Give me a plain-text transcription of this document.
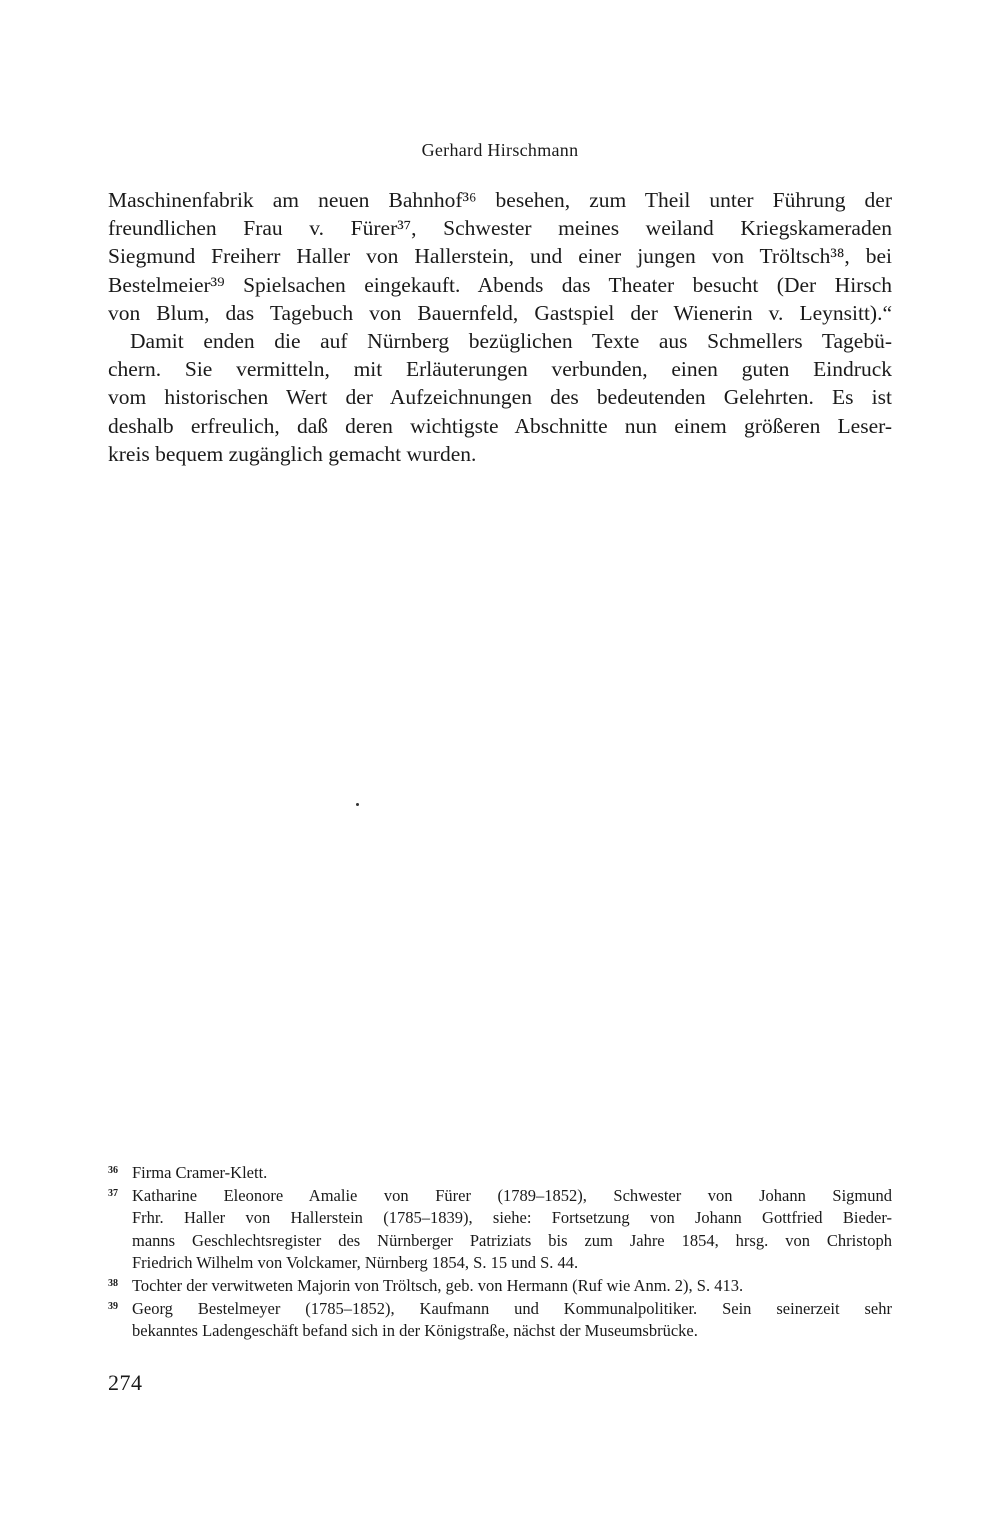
Gerhard Hirschmann
Maschinenfabrik am neuen Bahnhof³⁶ besehen, zum Theil unter Führung der
freundlichen Frau v. Fürer³⁷, Schwester meines weiland Kriegskameraden
Siegmund Freiherr Haller von Hallerstein, und einer jungen von Tröltsch³⁸, bei
Bestelmeier³⁹ Spielsachen eingekauft. Abends das Theater besucht (Der Hirsch
von Blum, das Tagebuch von Bauernfeld, Gastspiel der Wienerin v. Leynsitt).“
Damit enden die auf Nürnberg bezüglichen Texte aus Schmellers Tagebü-
chern. Sie vermitteln, mit Erläuterungen verbunden, einen guten Eindruck
vom historischen Wert der Aufzeichnungen des bedeutenden Gelehrten. Es ist
deshalb erfreulich, daß deren wichtigste Abschnitte nun einem größeren Leser-
kreis bequem zugänglich gemacht wurden.
36 Firma Cramer-Klett.
37 Katharine Eleonore Amalie von Fürer (1789–1852), Schwester von Johann Sigmund
Frhr. Haller von Hallerstein (1785–1839), siehe: Fortsetzung von Johann Gottfried Bieder-
manns Geschlechtsregister des Nürnberger Patriziats bis zum Jahre 1854, hrsg. von Christoph
Friedrich Wilhelm von Volckamer, Nürnberg 1854, S. 15 und S. 44.
38 Tochter der verwitweten Majorin von Tröltsch, geb. von Hermann (Ruf wie Anm. 2), S. 413.
39 Georg Bestelmeyer (1785–1852), Kaufmann und Kommunalpolitiker. Sein seinerzeit sehr
bekanntes Ladengeschäft befand sich in der Königstraße, nächst der Museumsbrücke.
274
